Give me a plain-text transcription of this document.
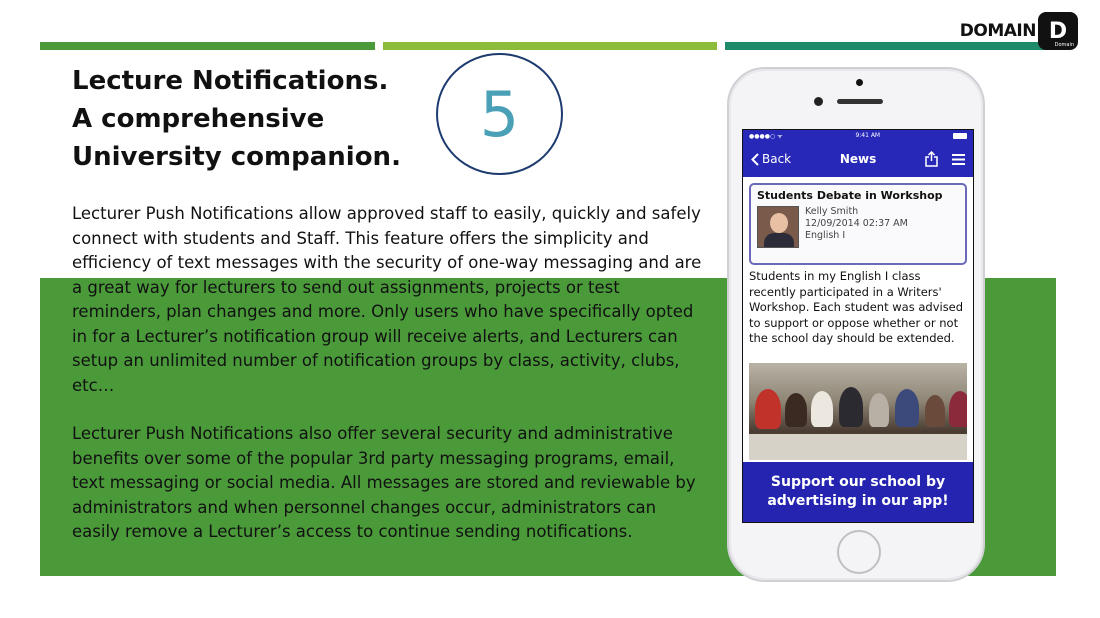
DOMAIN D
Domain
Lecture Notifications.
A comprehensive
University companion.
5

Lecturer Push Notifications allow approved staff to easily, quickly and safely connect with students and Staff. This feature offers the simplicity and efficiency of text messages with the security of one-way messaging and are a great way for lecturers to send out assignments, projects or test reminders, plan changes and more. Only users who have specifically opted in for a Lecturer’s notification group will receive alerts, and Lecturers can setup an unlimited number of notification groups by class, activity, clubs, etc…

Lecturer Push Notifications also offer several security and administrative benefits over some of the popular 3rd party messaging programs, email, text messaging or social media. All messages are stored and reviewable by administrators and when personnel changes occur, administrators can easily remove a Lecturer’s access to continue sending notifications.

●●●●○ ᯤ	9:41 AM
Back	News
Students Debate in Workshop
Kelly Smith
12/09/2014 02:37 AM
English I
Students in my English I class recently participated in a Writers' Workshop. Each student was advised to support or oppose whether or not the school day should be extended.
Support our school by
advertising in our app!
